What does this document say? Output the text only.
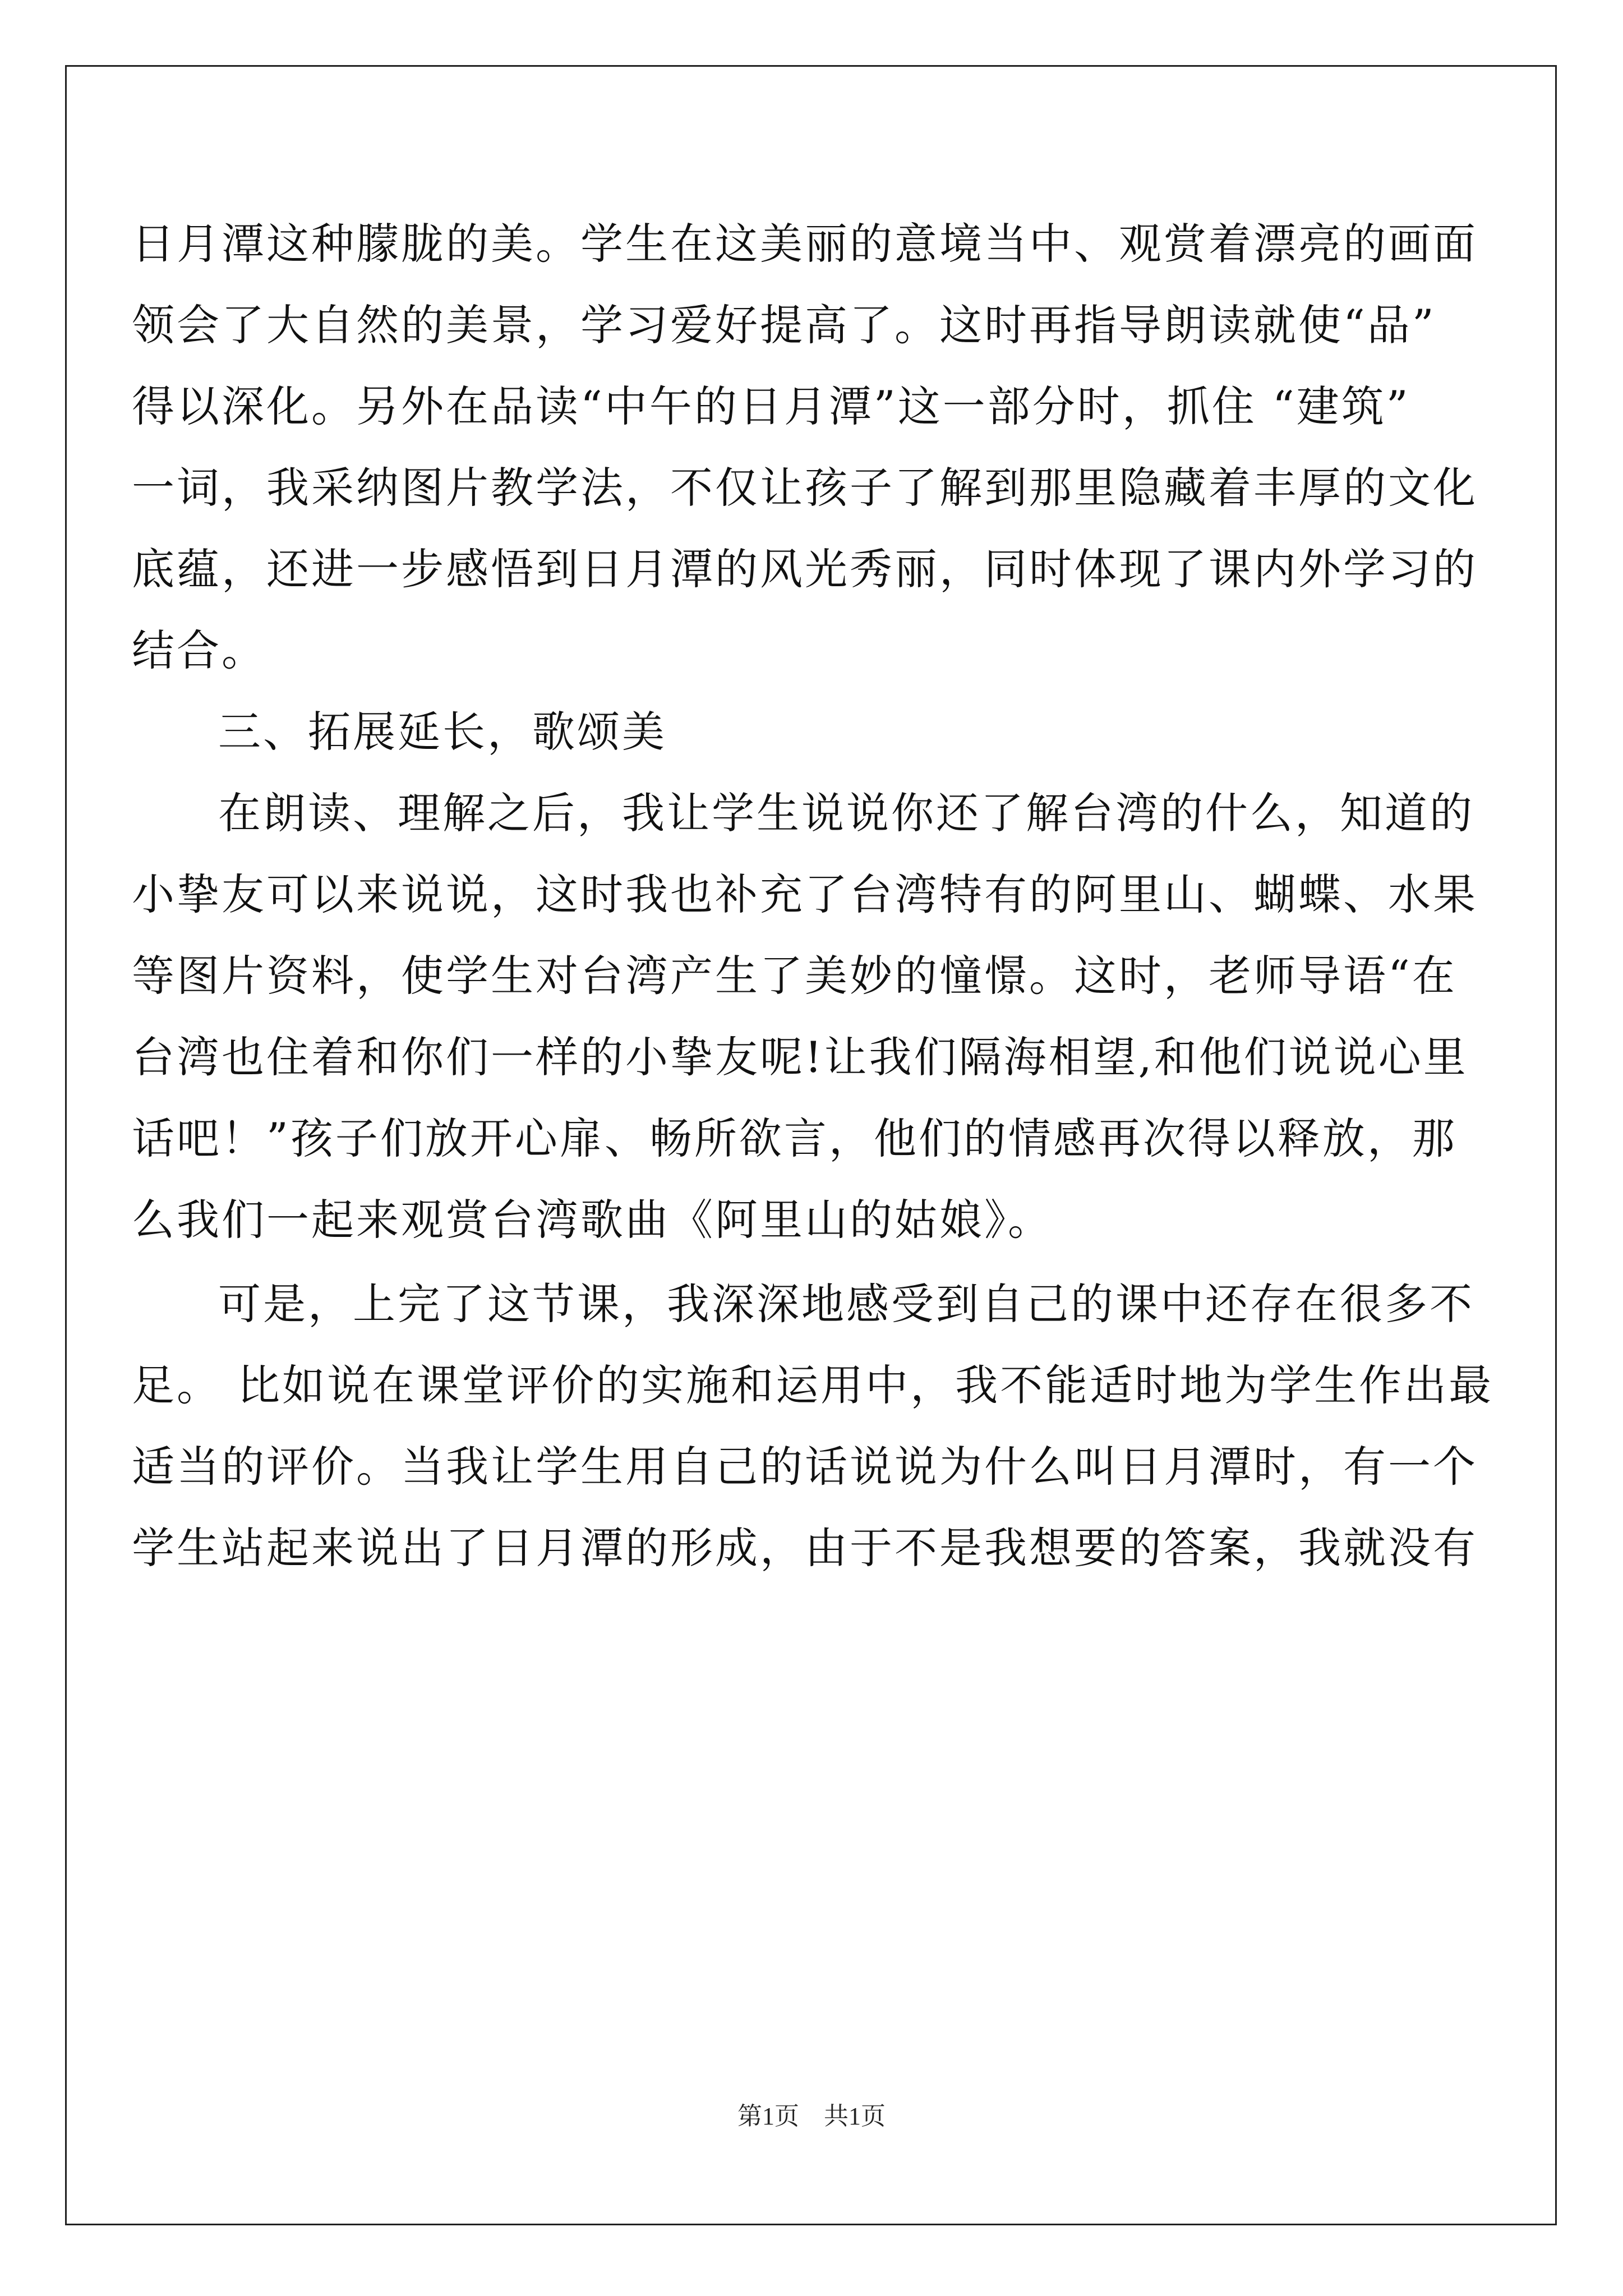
日月潭这种朦胧的美。学生在这美丽的意境当中、观赏着漂亮的画面
领会了大自然的美景，学习爱好提高了。这时再指导朗读就使“品”
得以深化。另外在品读“中午的日月潭”这一部分时，抓住 “建筑”
一词，我采纳图片教学法，不仅让孩子了解到那里隐藏着丰厚的文化
底蕴，还进一步感悟到日月潭的风光秀丽，同时体现了课内外学习的
结合。
三、拓展延长，歌颂美
在朗读、理解之后，我让学生说说你还了解台湾的什么，知道的
小挚友可以来说说，这时我也补充了台湾特有的阿里山、蝴蝶、水果
等图片资料，使学生对台湾产生了美妙的憧憬。这时，老师导语“在
台湾也住着和你们一样的小挚友呢!让我们隔海相望,和他们说说心里
话吧！”孩子们放开心扉、畅所欲言，他们的情感再次得以释放，那
么我们一起来观赏台湾歌曲《阿里山的姑娘》。
可是，上完了这节课，我深深地感受到自己的课中还存在很多不
足。 比如说在课堂评价的实施和运用中，我不能适时地为学生作出最
适当的评价。当我让学生用自己的话说说为什么叫日月潭时，有一个
学生站起来说出了日月潭的形成，由于不是我想要的答案，我就没有
第1页　共1页
